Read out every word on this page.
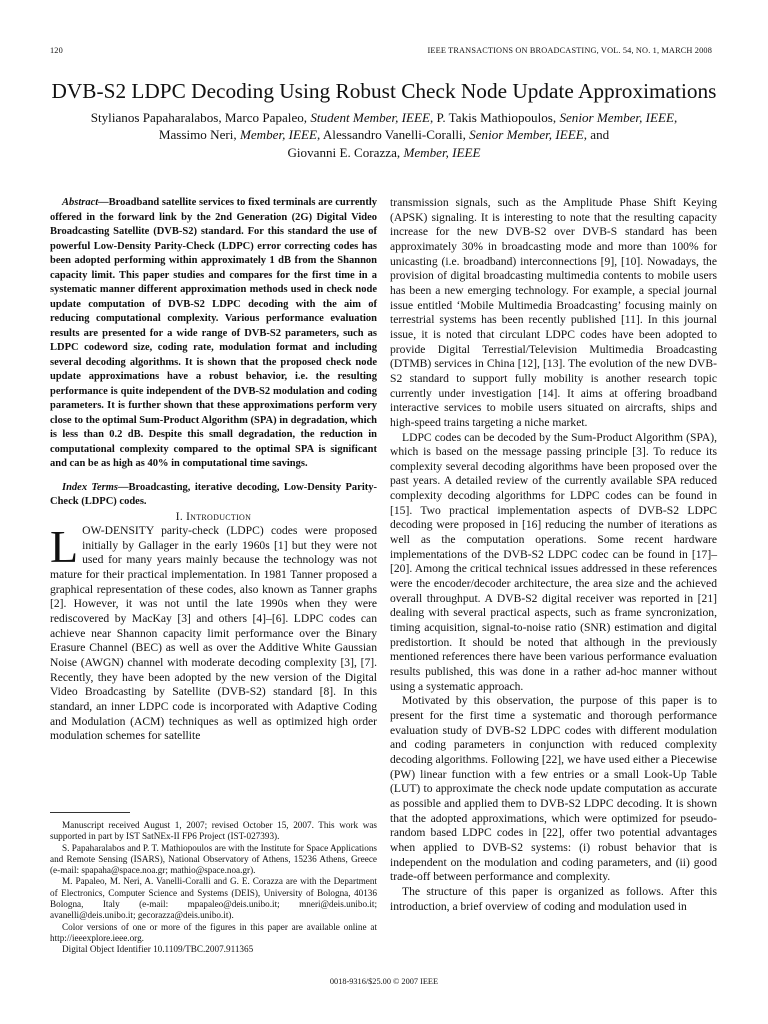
120	IEEE TRANSACTIONS ON BROADCASTING, VOL. 54, NO. 1, MARCH 2008
DVB-S2 LDPC Decoding Using Robust Check Node Update Approximations

Stylianos Papaharalabos, Marco Papaleo, Student Member, IEEE, P. Takis Mathiopoulos, Senior Member, IEEE,

Massimo Neri, Member, IEEE, Alessandro Vanelli-Coralli, Senior Member, IEEE, and

Giovanni E. Corazza, Member, IEEE

Abstract—Broadband satellite services to fixed terminals are currently offered in the forward link by the 2nd Generation (2G) Digital Video Broadcasting Satellite (DVB-S2) standard. For this standard the use of powerful Low-Density Parity-Check (LDPC) error correcting codes has been adopted performing within approximately 1 dB from the Shannon capacity limit. This paper studies and compares for the first time in a systematic manner different approximation methods used in check node update computation of DVB-S2 LDPC decoding with the aim of reducing computational complexity. Various performance evaluation results are presented for a wide range of DVB-S2 parameters, such as LDPC codeword size, coding rate, modulation format and including several decoding algorithms. It is shown that the proposed check node update approximations have a robust behavior, i.e. the resulting performance is quite independent of the DVB-S2 modulation and coding parameters. It is further shown that these approximations perform very close to the optimal Sum-Product Algorithm (SPA) in degradation, which is less than 0.2 dB. Despite this small degradation, the reduction in computational complexity compared to the optimal SPA is significant and can be as high as 40% in computational time savings.

Index Terms—Broadcasting, iterative decoding, Low-Density Parity-Check (LDPC) codes.

I. Introduction

LOW-DENSITY parity-check (LDPC) codes were proposed initially by Gallager in the early 1960s [1] but they were not used for many years mainly because the technology was not mature for their practical implementation. In 1981 Tanner proposed a graphical representation of these codes, also known as Tanner graphs [2]. However, it was not until the late 1990s when they were rediscovered by MacKay [3] and others [4]–[6]. LDPC codes can achieve near Shannon capacity limit performance over the Binary Erasure Channel (BEC) as well as over the Additive White Gaussian Noise (AWGN) channel with moderate decoding complexity [3], [7]. Recently, they have been adopted by the new version of the Digital Video Broadcasting by Satellite (DVB-S2) standard [8]. In this standard, an inner LDPC code is incorporated with Adaptive Coding and Modulation (ACM) techniques as well as optimized high order modulation schemes for satellite

Manuscript received August 1, 2007; revised October 15, 2007. This work was supported in part by IST SatNEx-II FP6 Project (IST-027393).

S. Papaharalabos and P. T. Mathiopoulos are with the Institute for Space Applications and Remote Sensing (ISARS), National Observatory of Athens, 15236 Athens, Greece (e-mail: spapaha@space.noa.gr; mathio@space.noa.gr).

M. Papaleo, M. Neri, A. Vanelli-Coralli and G. E. Corazza are with the Department of Electronics, Computer Science and Systems (DEIS), University of Bologna, 40136 Bologna, Italy (e-mail: mpapaleo@deis.unibo.it; mneri@deis.unibo.it; avanelli@deis.unibo.it; gecorazza@deis.unibo.it).

Color versions of one or more of the figures in this paper are available online at http://ieeexplore.ieee.org.

Digital Object Identifier 10.1109/TBC.2007.911365

transmission signals, such as the Amplitude Phase Shift Keying (APSK) signaling. It is interesting to note that the resulting capacity increase for the new DVB-S2 over DVB-S standard has been approximately 30% in broadcasting mode and more than 100% for unicasting (i.e. broadband) interconnections [9], [10]. Nowadays, the provision of digital broadcasting multimedia contents to mobile users has been a new emerging technology. For example, a special journal issue entitled ‘Mobile Multimedia Broadcasting’ focusing mainly on terrestrial systems has been recently published [11]. In this journal issue, it is noted that circulant LDPC codes have been adopted to provide Digital Terrestial/Television Multimedia Broadcasting (DTMB) services in China [12], [13]. The evolution of the new DVB-S2 standard to support fully mobility is another research topic currently under investigation [14]. It aims at offering broadband interactive services to mobile users situated on aircrafts, ships and high-speed trains targeting a niche market.

LDPC codes can be decoded by the Sum-Product Algorithm (SPA), which is based on the message passing principle [3]. To reduce its complexity several decoding algorithms have been proposed over the past years. A detailed review of the currently available SPA reduced complexity decoding algorithms for LDPC codes can be found in [15]. Two practical implementation aspects of DVB-S2 LDPC decoding were proposed in [16] reducing the number of iterations as well as the computation operations. Some recent hardware implementations of the DVB-S2 LDPC codec can be found in [17]–[20]. Among the critical technical issues addressed in these references were the encoder/decoder architecture, the area size and the achieved overall throughput. A DVB-S2 digital receiver was reported in [21] dealing with several practical aspects, such as frame syncronization, timing acquisition, signal-to-noise ratio (SNR) estimation and digital predistortion. It should be noted that although in the previously mentioned references there have been various performance evaluation results published, this was done in a rather ad-hoc manner without using a systematic approach.

Motivated by this observation, the purpose of this paper is to present for the first time a systematic and thorough performance evaluation study of DVB-S2 LDPC codes with different modulation and coding parameters in conjunction with reduced complexity decoding algorithms. Following [22], we have used either a Piecewise (PW) linear function with a few entries or a small Look-Up Table (LUT) to approximate the check node update computation as accurate as possible and applied them to DVB-S2 LDPC decoding. It is shown that the adopted approximations, which were optimized for pseudo-random based LDPC codes in [22], offer two potential advantages when applied to DVB-S2 systems: (i) robust behavior that is independent on the modulation and coding parameters, and (ii) good trade-off between performance and complexity.

The structure of this paper is organized as follows. After this introduction, a brief overview of coding and modulation used in

0018-9316/$25.00 © 2007 IEEE
